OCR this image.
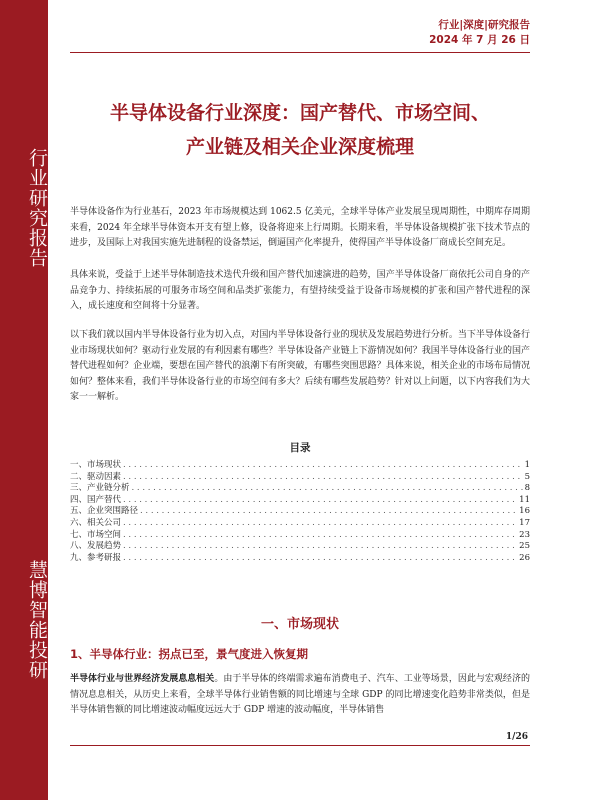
行业研究报告
慧博智能投研
行业|深度|研究报告
2024 年 7 月 26 日
半导体设备行业深度：国产替代、市场空间、
产业链及相关企业深度梳理
半导体设备作为行业基石，2023 年市场规模达到 1062.5 亿美元，全球半导体产业发展呈现周期性，中期库存周期来看，2024 年全球半导体资本开支有望上修，设备将迎来上行周期。长期来看，半导体设备规模扩张下技术节点的进步，及国际上对我国实施先进制程的设备禁运，倒逼国产化率提升，使得国产半导体设备厂商成长空间充足。
具体来说，受益于上述半导体制造技术迭代升级和国产替代加速演进的趋势，国产半导体设备厂商依托公司自身的产品竞争力、持续拓展的可服务市场空间和品类扩张能力，有望持续受益于设备市场规模的扩张和国产替代进程的深入，成长速度和空间将十分显著。
以下我们就以国内半导体设备行业为切入点，对国内半导体设备行业的现状及发展趋势进行分析。当下半导体设备行业市场现状如何？驱动行业发展的有利因素有哪些？半导体设备产业链上下游情况如何？我国半导体设备行业的国产替代进程如何？企业端，要想在国产替代的浪潮下有所突破，有哪些突围思路？具体来说，相关企业的市场布局情况如何？整体来看，我们半导体设备行业的市场空间有多大？后续有哪些发展趋势？针对以上问题，以下内容我们为大家一一解析。
目录
一、市场现状 . . .	1
二、驱动因素 . . .	5
三、产业链分析 . . .	8
四、国产替代 . . .	11
五、企业突围路径 . . .	16
六、相关公司 . . .	17
七、市场空间 . . .	23
八、发展趋势 . . .	25
九、参考研报 . . .	26
一、市场现状
1、半导体行业：拐点已至，景气度进入恢复期
半导体行业与世界经济发展息息相关。由于半导体的终端需求遍布消费电子、汽车、工业等场景，因此与宏观经济的情况息息相关，从历史上来看，全球半导体行业销售额的同比增速与全球 GDP 的同比增速变化趋势非常类似，但是半导体销售额的同比增速波动幅度远远大于 GDP 增速的波动幅度，半导体销售
1/26
